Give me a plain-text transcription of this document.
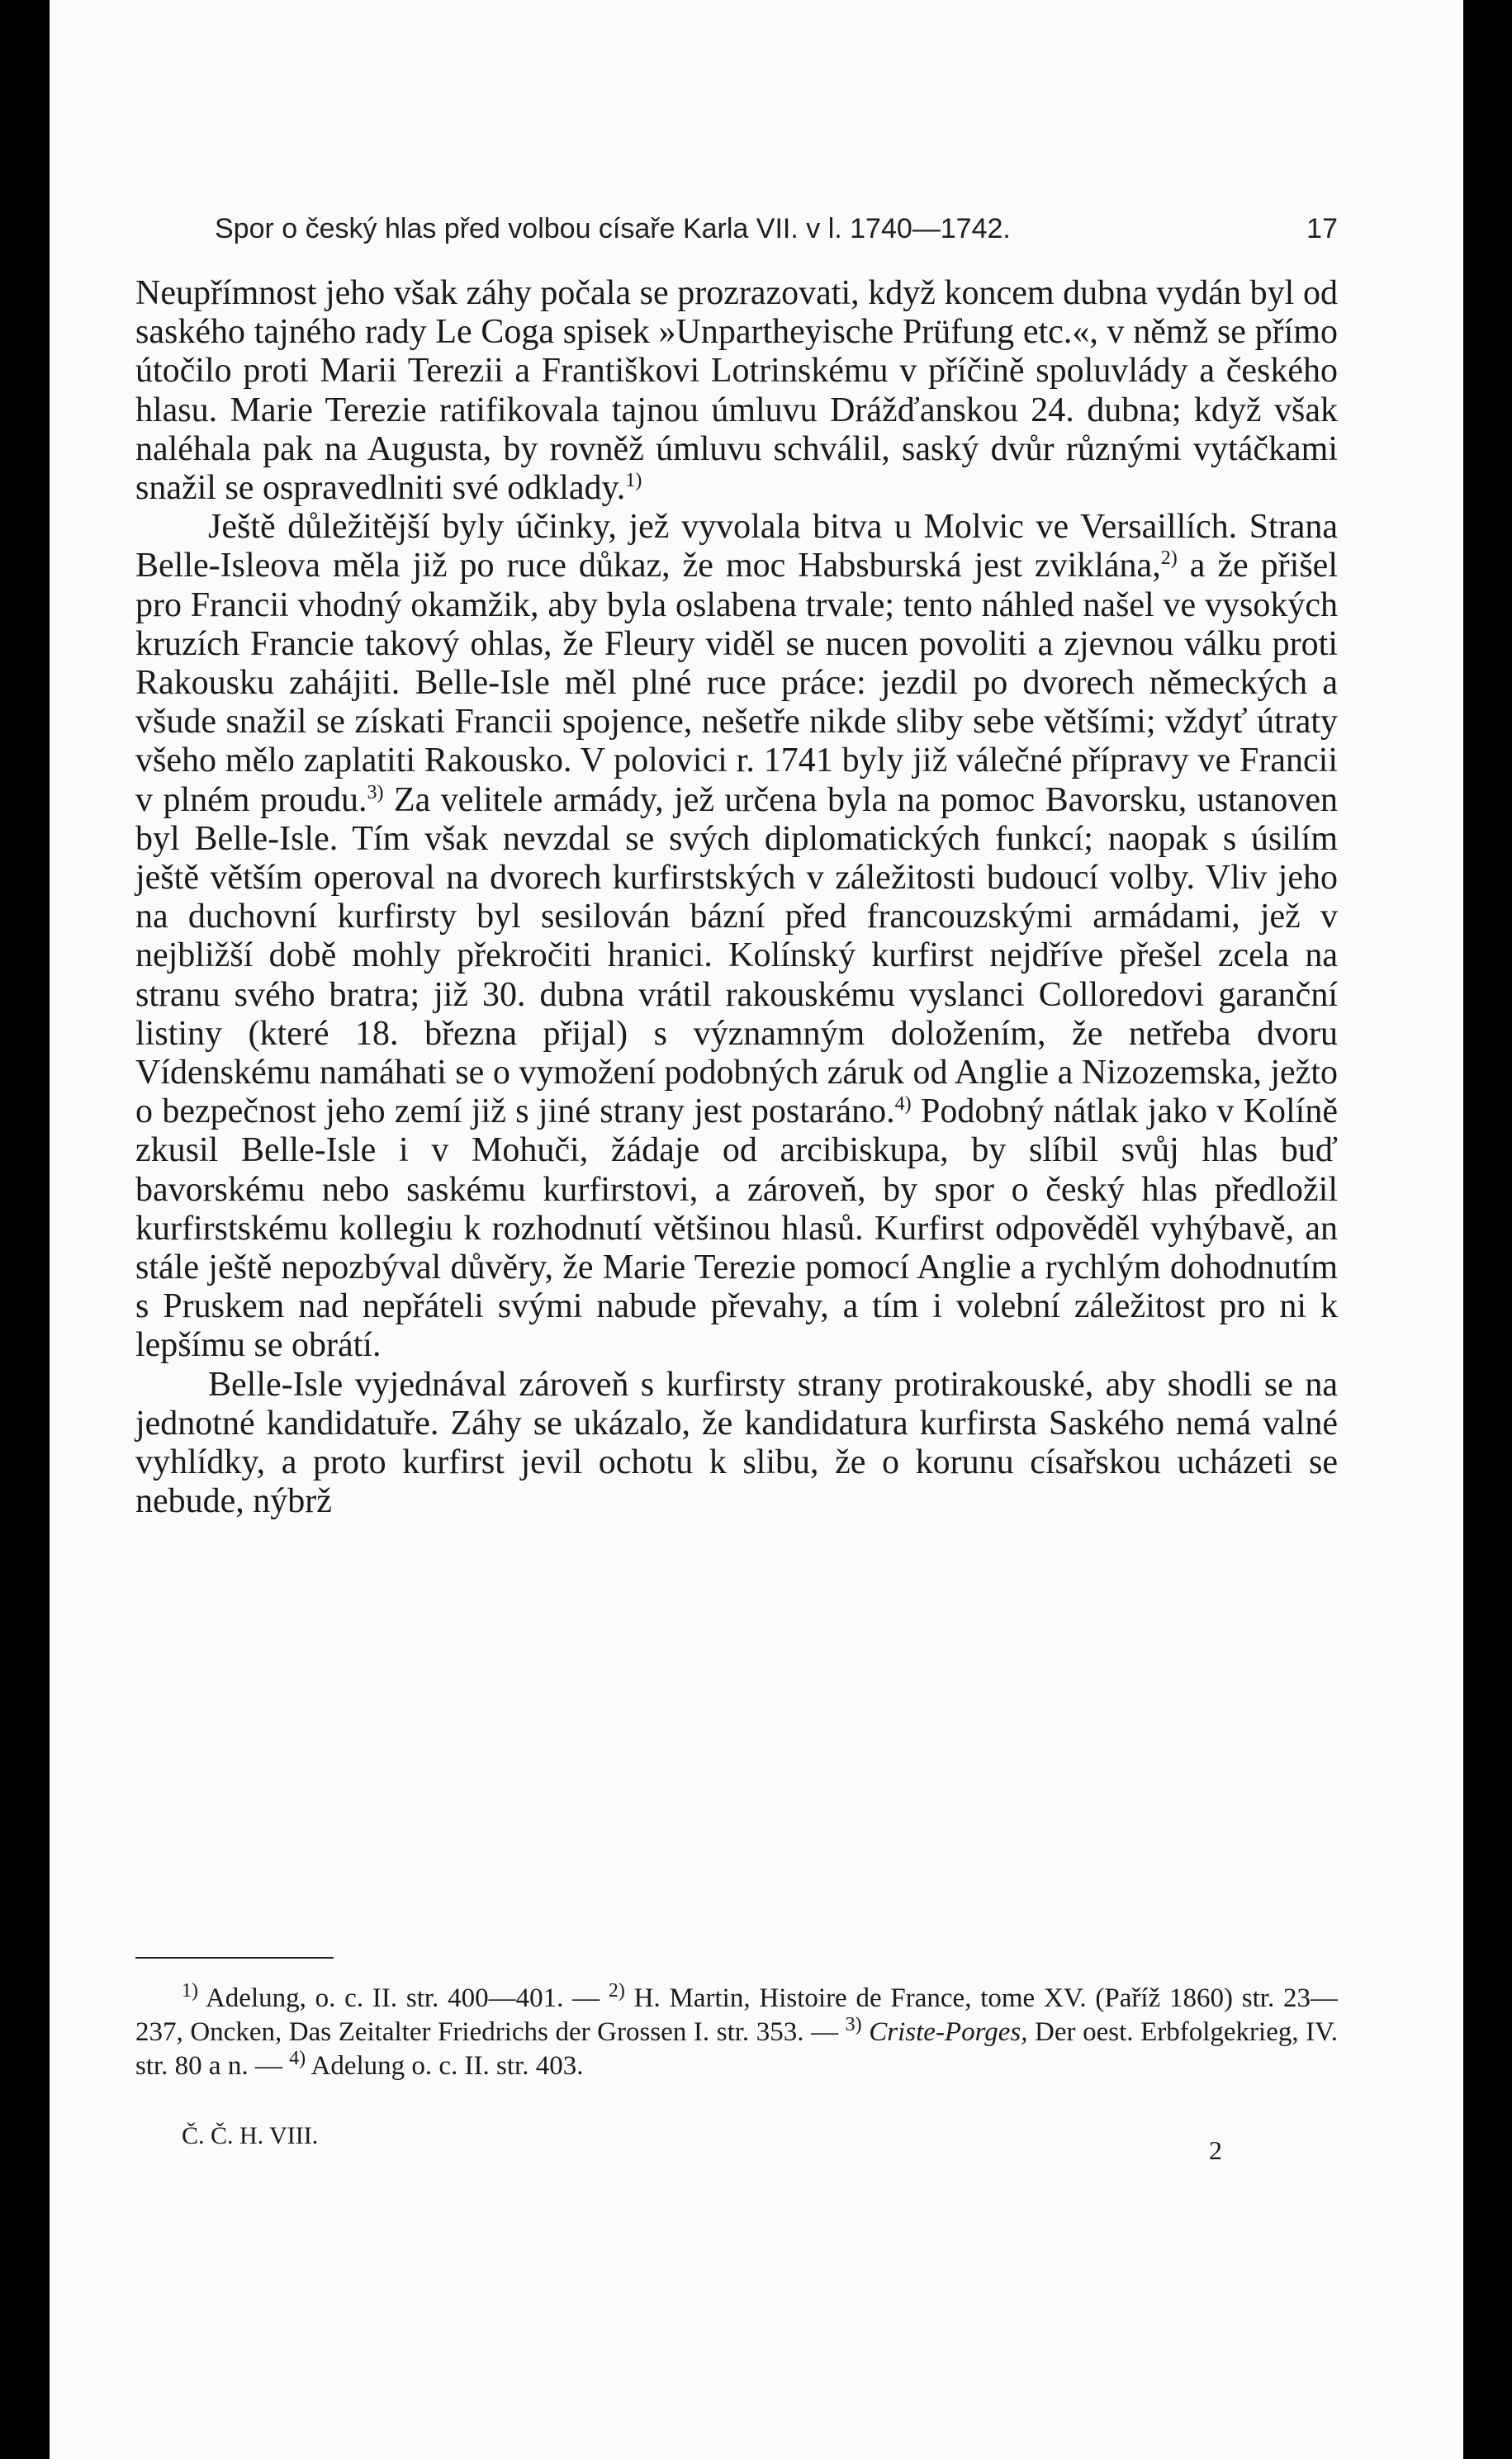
Spor o český hlas před volbou císaře Karla VII. v l. 1740—1742.	17

Neupřímnost jeho však záhy počala se prozrazovati, když koncem dubna vydán byl od saského tajného rady Le Coga spisek »Unpartheyische Prüfung etc.«, v němž se přímo útočilo proti Marii Terezii a Františkovi Lotrinskému v příčině spoluvlády a českého hlasu. Marie Terezie ratifikovala tajnou úmluvu Drážďanskou 24. dubna; když však naléhala pak na Augusta, by rovněž úmluvu schválil, saský dvůr různými vytáčkami snažil se ospravedlniti své odklady.$^{1)}$

Ještě důležitější byly účinky, jež vyvolala bitva u Molvic ve Versaillích. Strana Belle-Isleova měla již po ruce důkaz, že moc Habsburská jest zviklána,$^{2)}$ a že přišel pro Francii vhodný okamžik, aby byla oslabena trvale; tento náhled našel ve vysokých kruzích Francie takový ohlas, že Fleury viděl se nucen povoliti a zjevnou válku proti Rakousku zahájiti. Belle-Isle měl plné ruce práce: jezdil po dvorech německých a všude snažil se získati Francii spojence, nešetře nikde sliby sebe většími; vždyť útraty všeho mělo zaplatiti Rakousko. V polovici r. 1741 byly již válečné přípravy ve Francii v plném proudu.$^{3)}$ Za velitele armády, jež určena byla na pomoc Bavorsku, ustanoven byl Belle-Isle. Tím však nevzdal se svých diplomatických funkcí; naopak s úsilím ještě větším operoval na dvorech kurfirstských v záležitosti budoucí volby. Vliv jeho na duchovní kurfirsty byl sesilován bázní před francouzskými armádami, jež v nejbližší době mohly překročiti hranici. Kolínský kurfirst nejdříve přešel zcela na stranu svého bratra; již 30. dubna vrátil rakouskému vyslanci Colloredovi garanční listiny (které 18. března přijal) s významným doložením, že netřeba dvoru Vídenskému namáhati se o vymožení podobných záruk od Anglie a Nizozemska, ježto o bezpečnost jeho zemí již s jiné strany jest postaráno.$^{4)}$ Podobný nátlak jako v Kolíně zkusil Belle-Isle i v Mohuči, žádaje od arcibiskupa, by slíbil svůj hlas buď bavorskému nebo saskému kurfirstovi, a zároveň, by spor o český hlas předložil kurfirstskému kollegiu k rozhodnutí většinou hlasů. Kurfirst odpověděl vyhýbavě, an stále ještě nepozbýval důvěry, že Marie Terezie pomocí Anglie a rychlým dohodnutím s Pruskem nad nepřáteli svými nabude převahy, a tím i volební záležitost pro ni k lepšímu se obrátí.

Belle-Isle vyjednával zároveň s kurfirsty strany protirakouské, aby shodli se na jednotné kandidatuře. Záhy se ukázalo, že kandidatura kurfirsta Saského nemá valné vyhlídky, a proto kurfirst jevil ochotu k slibu, že o korunu císařskou ucházeti se nebude, nýbrž

$^{1)}$ Adelung, o. c. II. str. 400—401. — $^{2)}$ H. Martin, Histoire de France, tome XV. (Paříž 1860) str. 23—237, Oncken, Das Zeitalter Friedrichs der Grossen I. str. 353. — $^{3)}$ Criste-Porges, Der oest. Erbfolgekrieg, IV. str. 80 a n. — $^{4)}$ Adelung o. c. II. str. 403.

Č. Č. H. VIII.	2
